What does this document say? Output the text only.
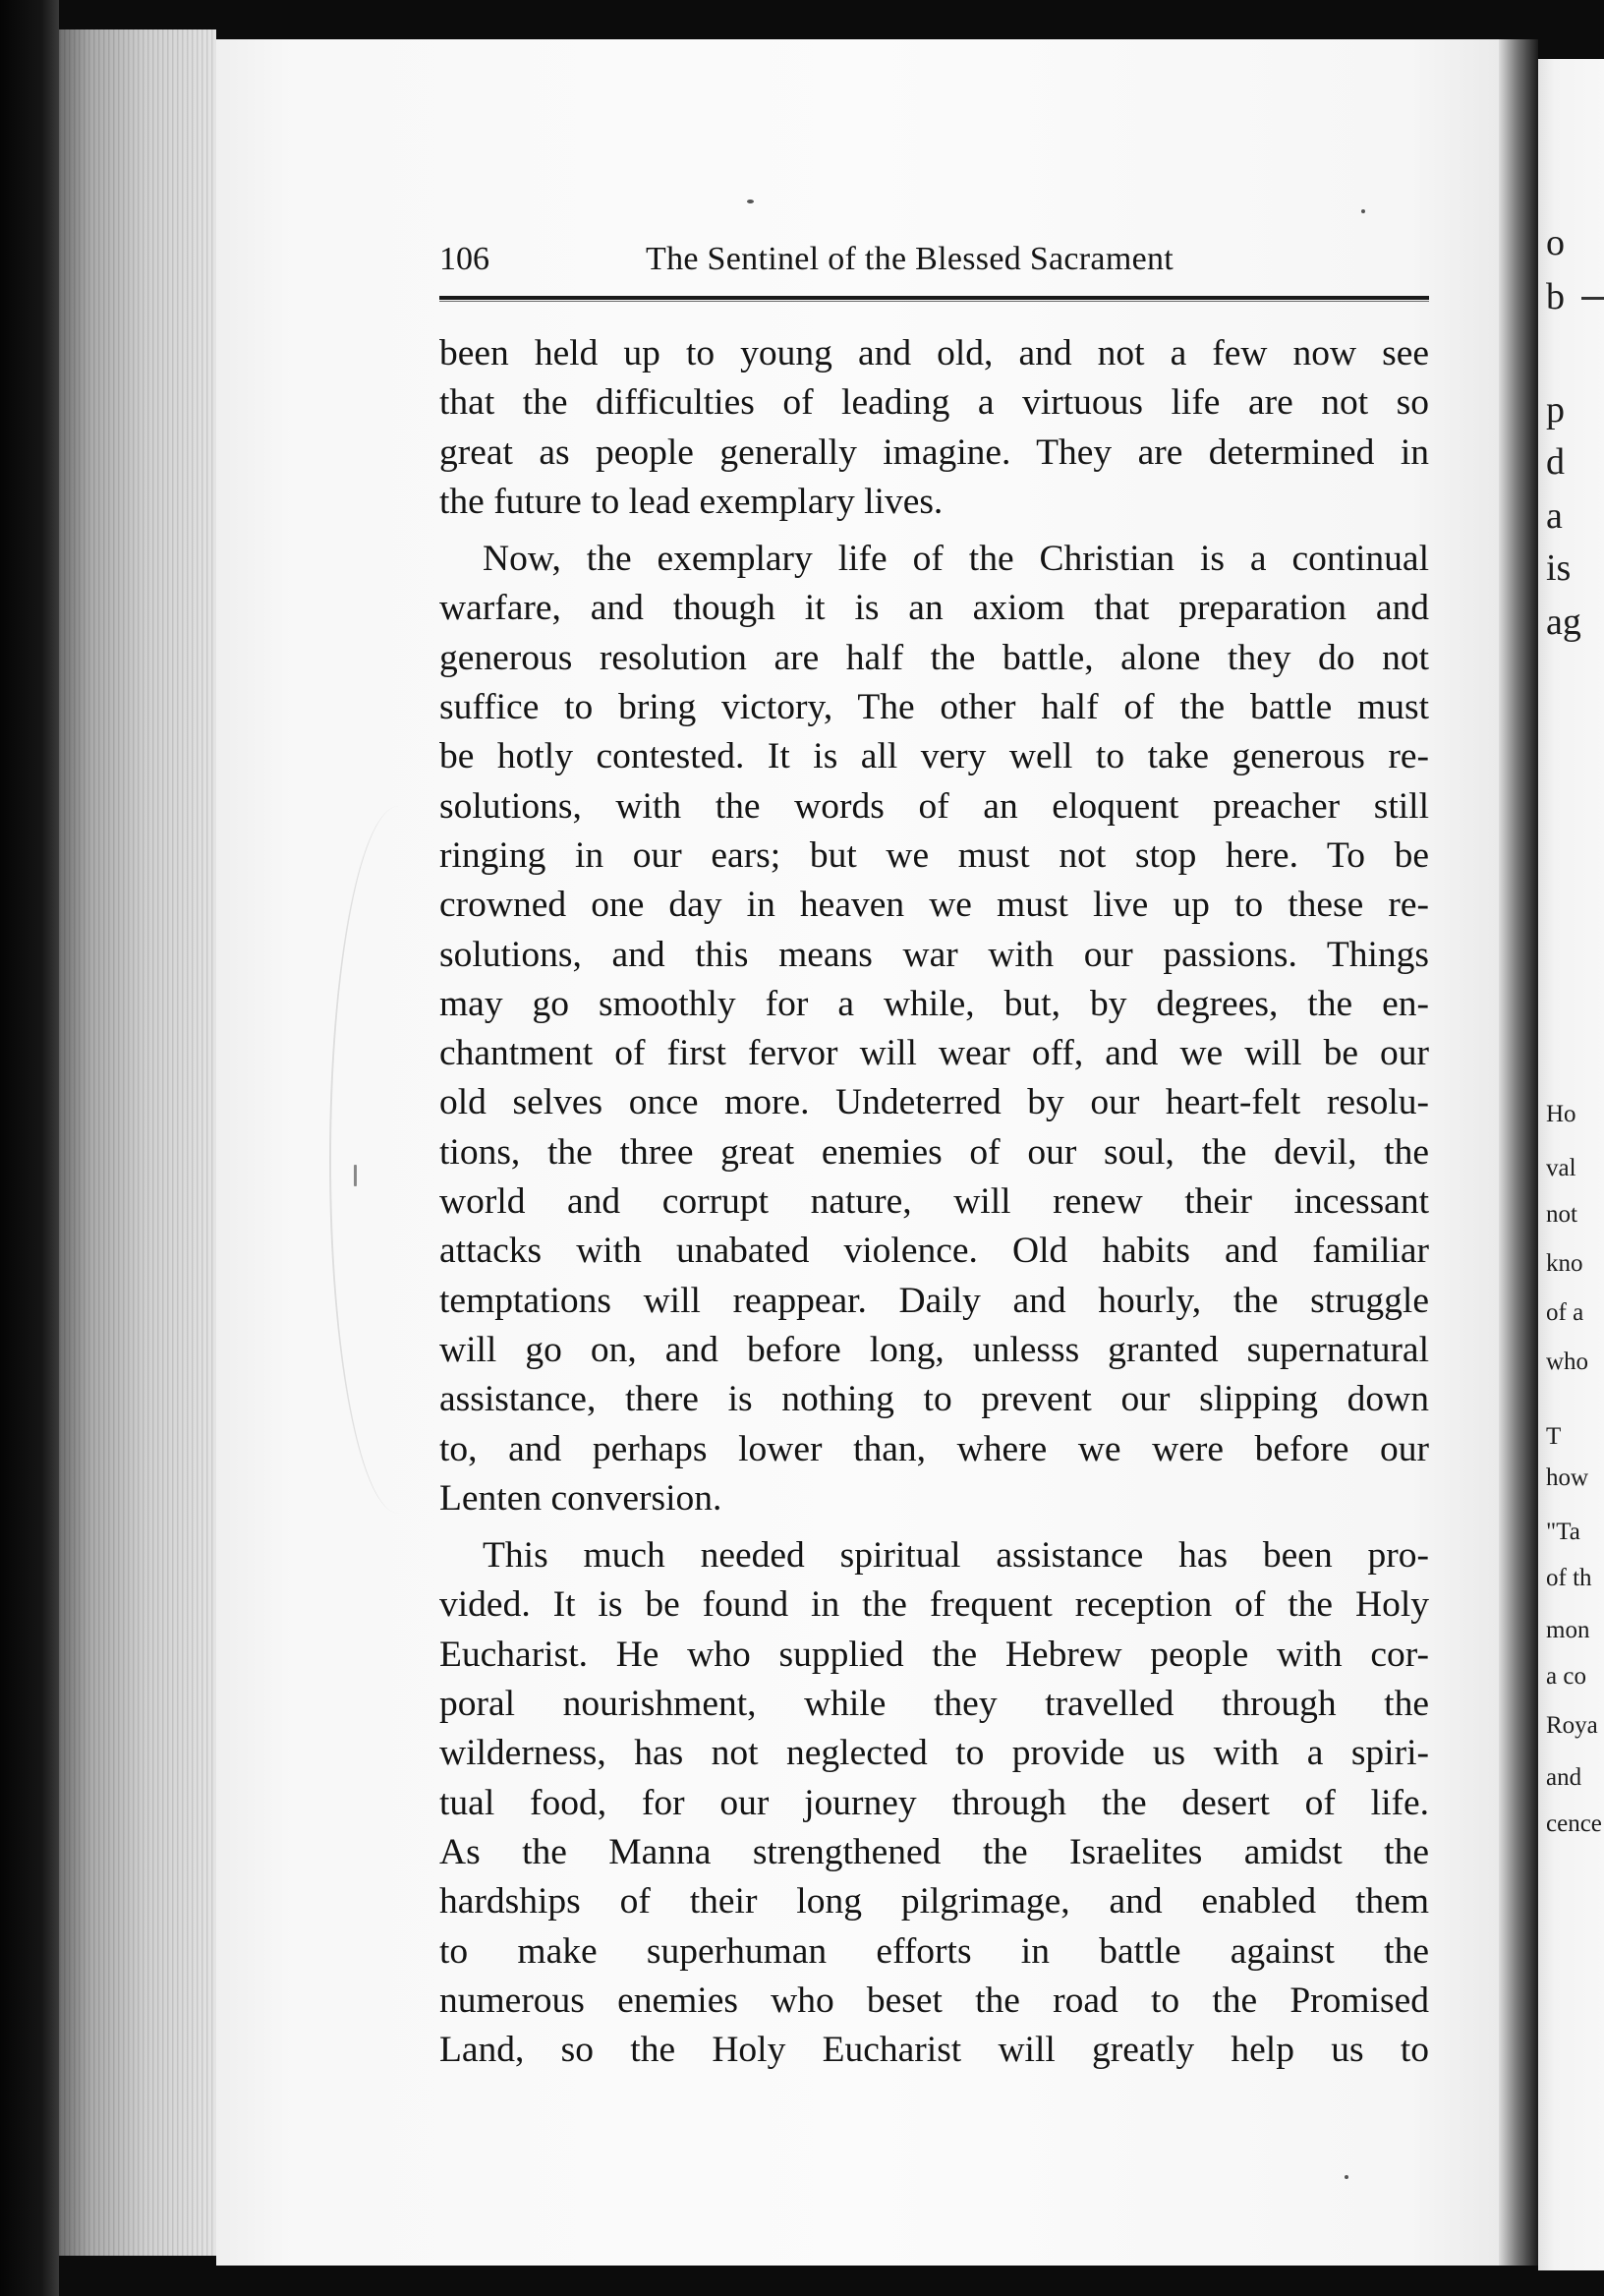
o
b
p
d
a
is
ag
Ho
val
not
kno
of a
who
T
how
"Ta
of th
mon
a co
Roya
and
cence
106	The Sentinel of the Blessed Sacrament
been held up to young and old, and not a few now see
that the difficulties of leading a virtuous life are not so
great as people generally imagine. They are determined in
the future to lead exemplary lives.
Now, the exemplary life of the Christian is a continual
warfare, and though it is an axiom that preparation and
generous resolution are half the battle, alone they do not
suffice to bring victory, The other half of the battle must
be hotly contested. It is all very well to take generous re-
solutions, with the words of an eloquent preacher still
ringing in our ears; but we must not stop here. To be
crowned one day in heaven we must live up to these re-
solutions, and this means war with our passions. Things
may go smoothly for a while, but, by degrees, the en-
chantment of first fervor will wear off, and we will be our
old selves once more. Undeterred by our heart-felt resolu-
tions, the three great enemies of our soul, the devil, the
world and corrupt nature, will renew their incessant
attacks with unabated violence. Old habits and familiar
temptations will reappear. Daily and hourly, the struggle
will go on, and before long, unlesss granted supernatural
assistance, there is nothing to prevent our slipping down
to, and perhaps lower than, where we were before our
Lenten conversion.
This much needed spiritual assistance has been pro-
vided. It is be found in the frequent reception of the Holy
Eucharist. He who supplied the Hebrew people with cor-
poral nourishment, while they travelled through the
wilderness, has not neglected to provide us with a spiri-
tual food, for our journey through the desert of life.
As the Manna strengthened the Israelites amidst the
hardships of their long pilgrimage, and enabled them
to make superhuman efforts in battle against the
numerous enemies who beset the road to the Promised
Land, so the Holy Eucharist will greatly help us to
